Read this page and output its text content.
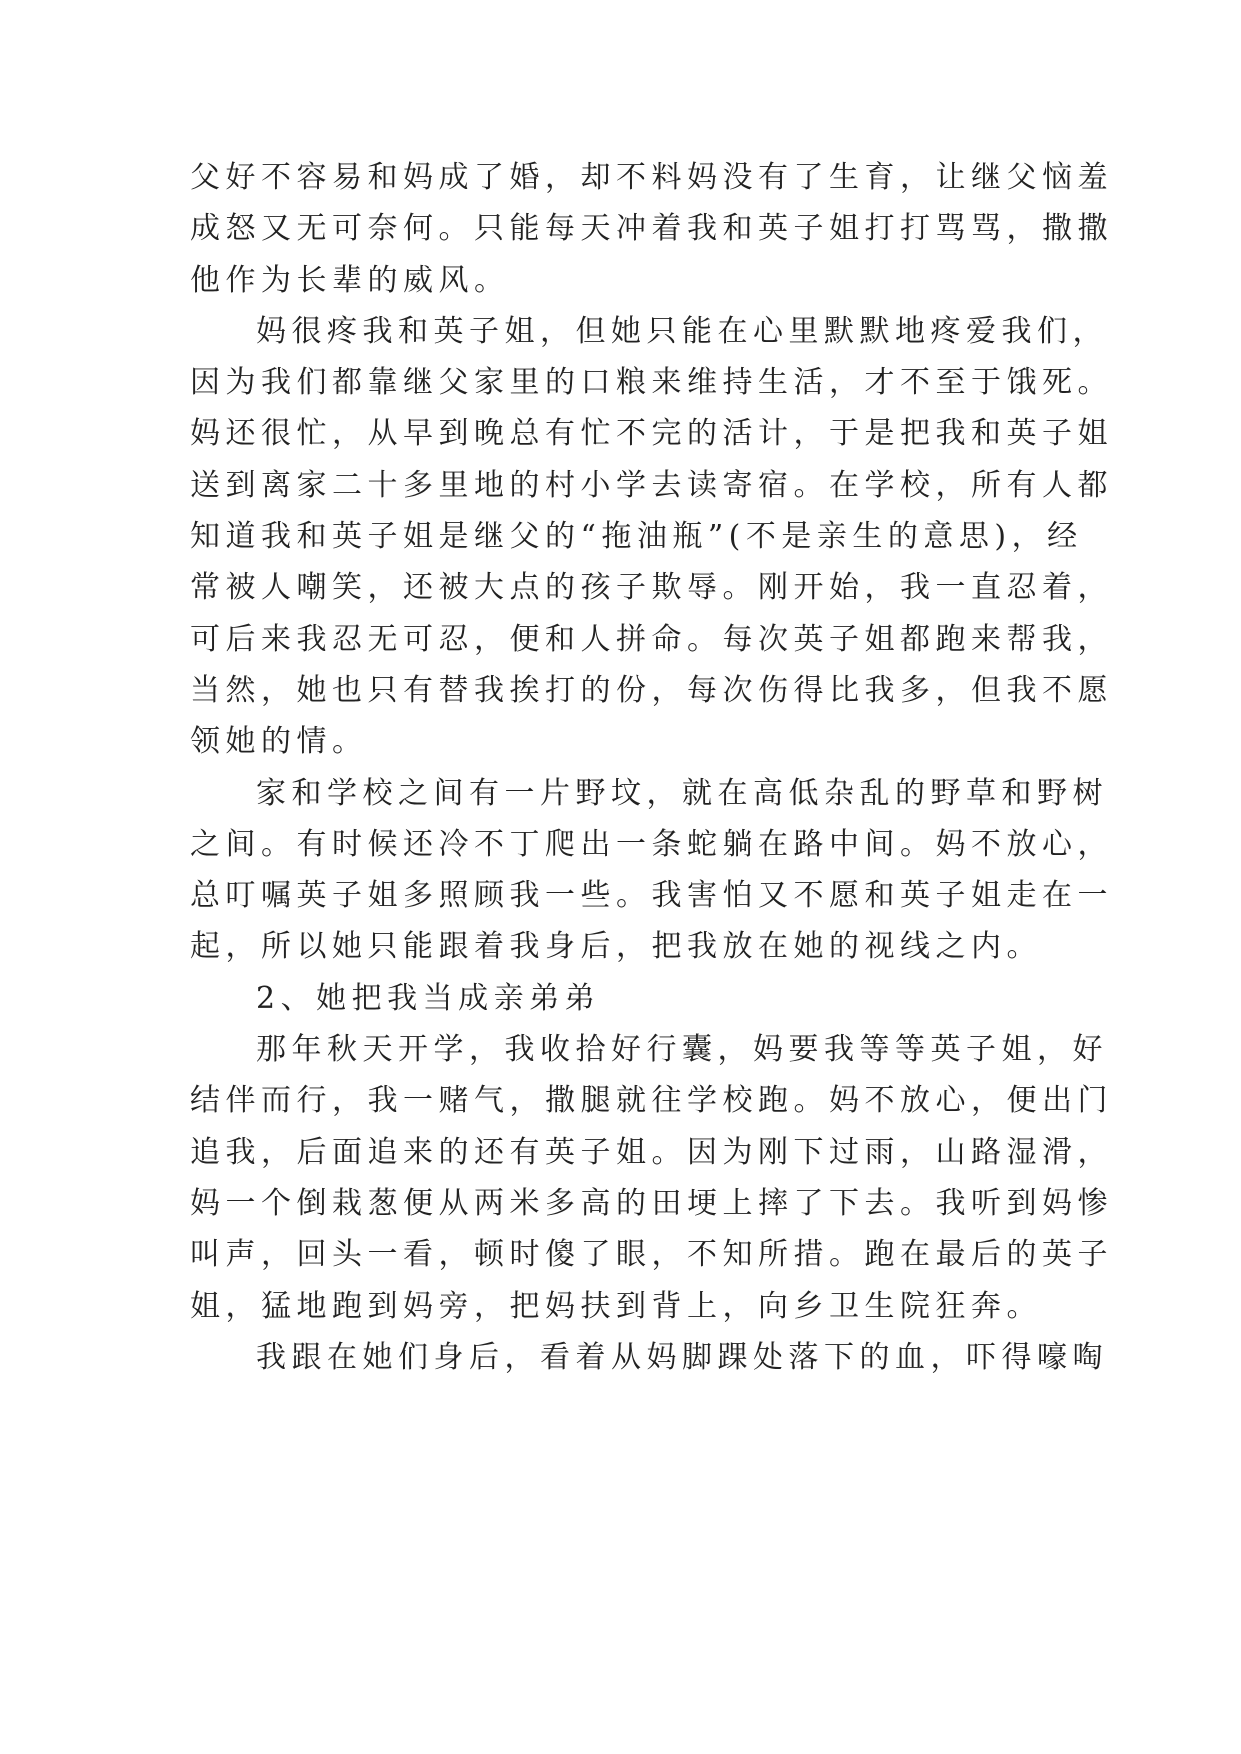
父好不容易和妈成了婚，却不料妈没有了生育，让继父恼羞
成怒又无可奈何。只能每天冲着我和英子姐打打骂骂，撒撒
他作为长辈的威风。
妈很疼我和英子姐，但她只能在心里默默地疼爱我们，
因为我们都靠继父家里的口粮来维持生活，才不至于饿死。
妈还很忙，从早到晚总有忙不完的活计，于是把我和英子姐
送到离家二十多里地的村小学去读寄宿。在学校，所有人都
知道我和英子姐是继父的“拖油瓶”(不是亲生的意思)，经
常被人嘲笑，还被大点的孩子欺辱。刚开始，我一直忍着，
可后来我忍无可忍，便和人拼命。每次英子姐都跑来帮我，
当然，她也只有替我挨打的份，每次伤得比我多，但我不愿
领她的情。
家和学校之间有一片野坟，就在高低杂乱的野草和野树
之间。有时候还冷不丁爬出一条蛇躺在路中间。妈不放心，
总叮嘱英子姐多照顾我一些。我害怕又不愿和英子姐走在一
起，所以她只能跟着我身后，把我放在她的视线之内。
2、她把我当成亲弟弟
那年秋天开学，我收拾好行囊，妈要我等等英子姐，好
结伴而行，我一赌气，撒腿就往学校跑。妈不放心，便出门
追我，后面追来的还有英子姐。因为刚下过雨，山路湿滑，
妈一个倒栽葱便从两米多高的田埂上摔了下去。我听到妈惨
叫声，回头一看，顿时傻了眼，不知所措。跑在最后的英子
姐，猛地跑到妈旁，把妈扶到背上，向乡卫生院狂奔。
我跟在她们身后，看着从妈脚踝处落下的血，吓得嚎啕
